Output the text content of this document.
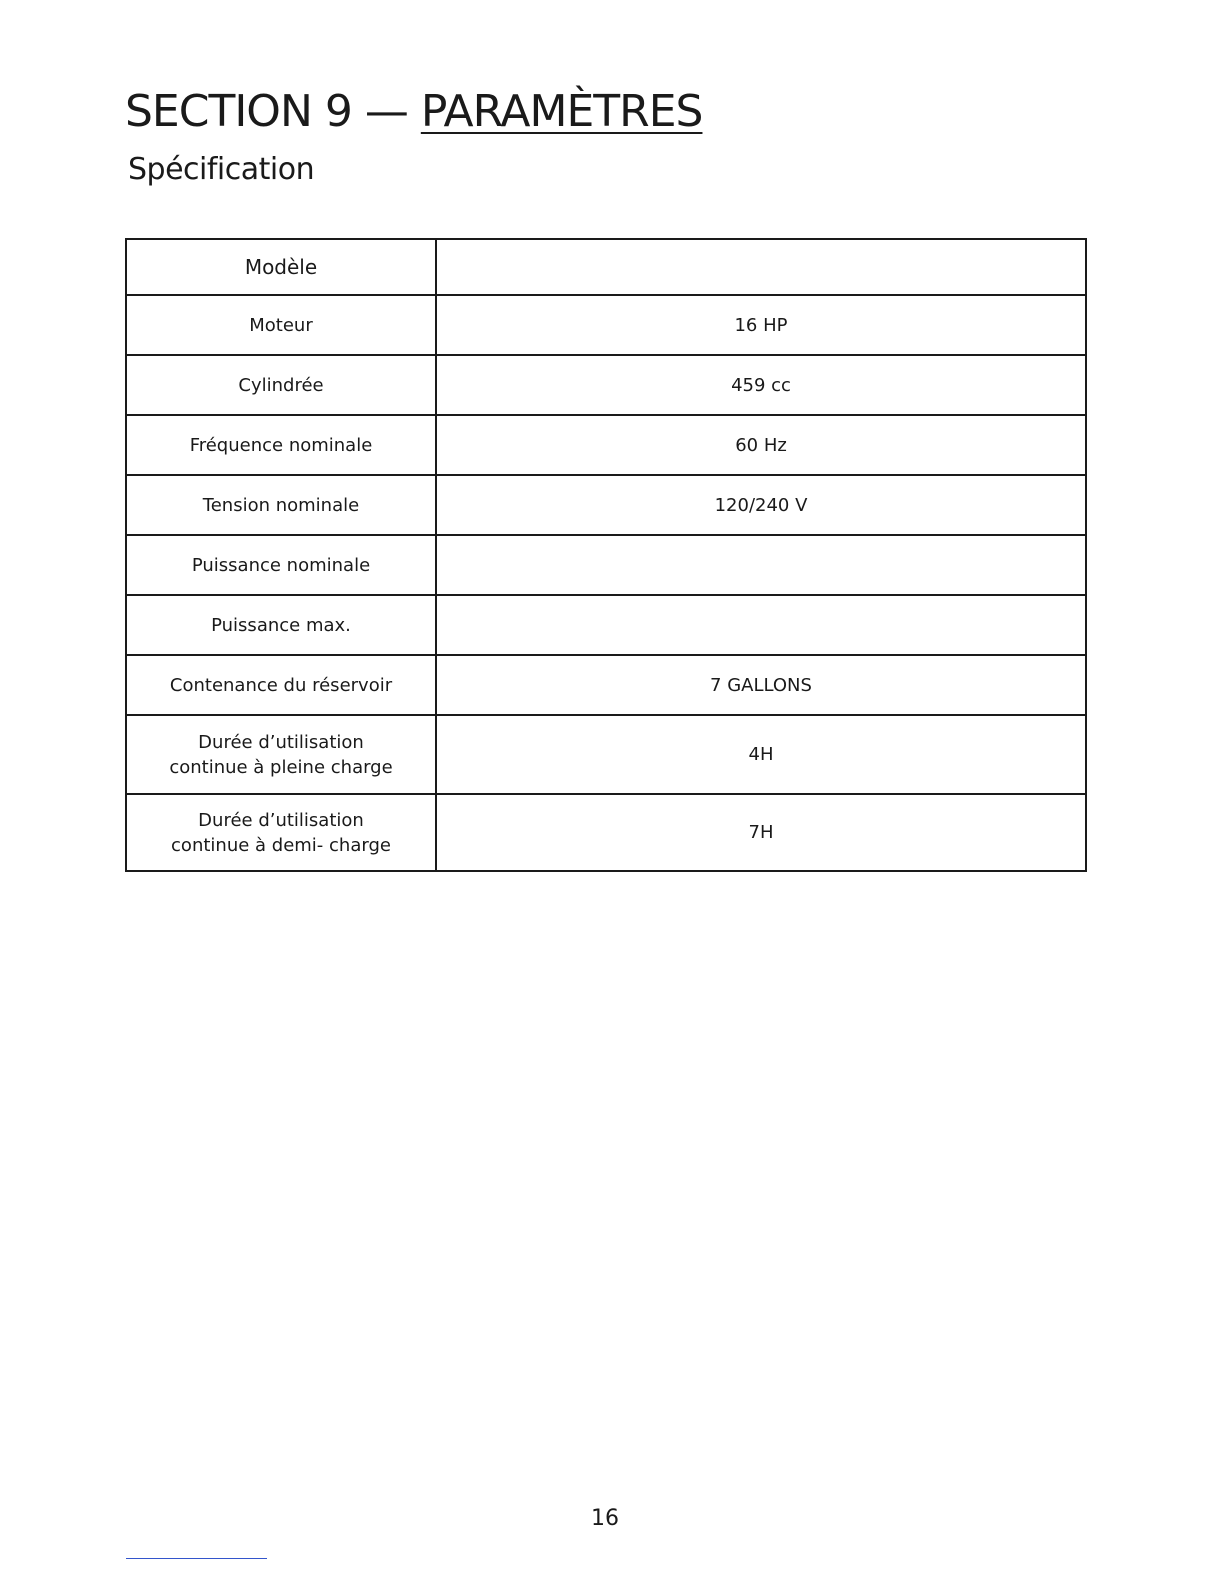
SECTION 9 — PARAMÈTRES
Spécification
Modèle	
Moteur	16 HP
Cylindrée	459 cc
Fréquence nominale	60 Hz
Tension nominale	120/240 V
Puissance nominale	
Puissance max.	
Contenance du réservoir	7 GALLONS

Durée d’utilisation
continue à pleine charge	4H

Durée d’utilisation
continue à demi- charge	7H
16
